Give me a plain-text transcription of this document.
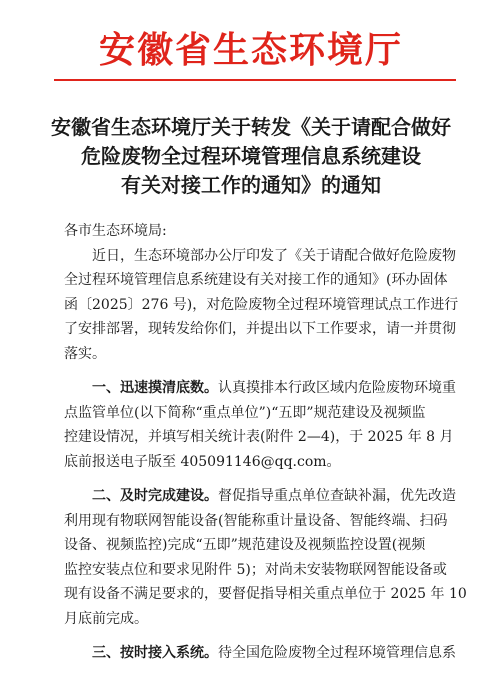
安徽省生态环境厅
安徽省生态环境厅关于转发《关于请配合做好
危险废物全过程环境管理信息系统建设
有关对接工作的通知》的通知
各市生态环境局:
近日，生态环境部办公厅印发了《关于请配合做好危险废物
全过程环境管理信息系统建设有关对接工作的通知》(环办固体
函〔2025〕276 号)，对危险废物全过程环境管理试点工作进行
了安排部署，现转发给你们，并提出以下工作要求，请一并贯彻
落实。
一、迅速摸清底数。认真摸排本行政区域内危险废物环境重
点监管单位(以下简称“重点单位”)“五即”规范建设及视频监
控建设情况，并填写相关统计表(附件 2—4)，于 2025 年 8 月
底前报送电子版至 405091146@qq.com。
二、及时完成建设。督促指导重点单位查缺补漏，优先改造
利用现有物联网智能设备(智能称重计量设备、智能终端、扫码
设备、视频监控)完成“五即”规范建设及视频监控设置(视频
监控安装点位和要求见附件 5)；对尚未安装物联网智能设备或
现有设备不满足要求的，要督促指导相关重点单位于 2025 年 10
月底前完成。
三、按时接入系统。待全国危险废物全过程环境管理信息系
